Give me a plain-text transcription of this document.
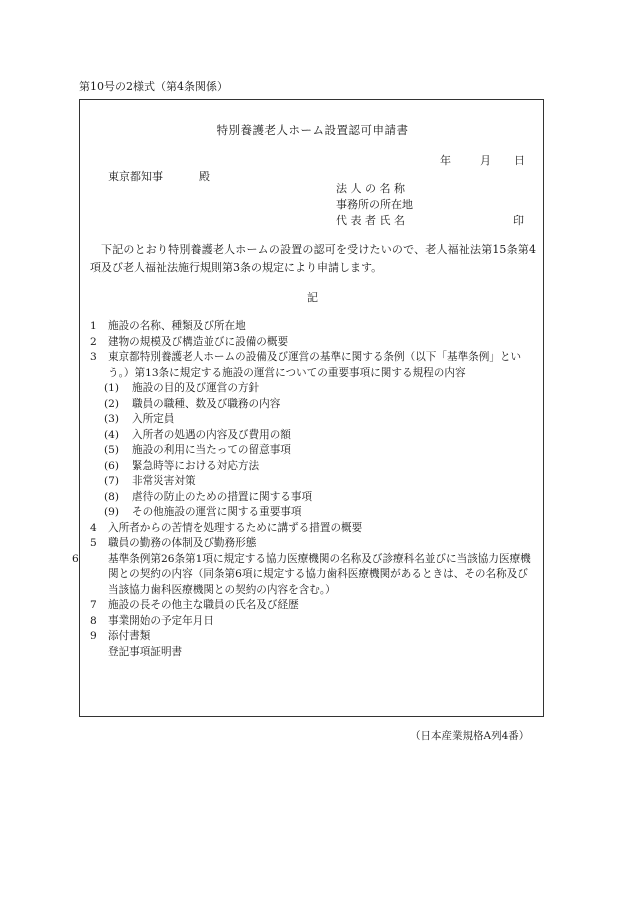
第10号の2様式（第4条関係）
特別養護老人ホーム設置認可申請書
年	月 日
東京都知事	殿
法 人 の 名 称
事務所の所在地
代 表 者 氏 名	印
下記のとおり特別養護老人ホームの設置の認可を受けたいので、老人福祉法第15条第4項及び老人福祉法施行規則第3条の規定により申請します。
記
1 施設の名称、種類及び所在地
2 建物の規模及び構造並びに設備の概要
3 東京都特別養護老人ホームの設備及び運営の基準に関する条例（以下「基準条例」という。）第13条に規定する施設の運営についての重要事項に関する規程の内容
(1) 施設の目的及び運営の方針
(2) 職員の職種、数及び職務の内容
(3) 入所定員
(4) 入所者の処遇の内容及び費用の額
(5) 施設の利用に当たっての留意事項
(6) 緊急時等における対応方法
(7) 非常災害対策
(8) 虐待の防止のための措置に関する事項
(9) その他施設の運営に関する重要事項
4 入所者からの苦情を処理するために講ずる措置の概要
5 職員の勤務の体制及び勤務形態
6	基準条例第26条第1項に規定する協力医療機関の名称及び診療科名並びに当該協力医療機関との契約の内容（同条第6項に規定する協力歯科医療機関があるときは、その名称及び当該協力歯科医療機関との契約の内容を含む。）
7 施設の長その他主な職員の氏名及び経歴
8 事業開始の予定年月日
9 添付書類
登記事項証明書
（日本産業規格A列4番）
